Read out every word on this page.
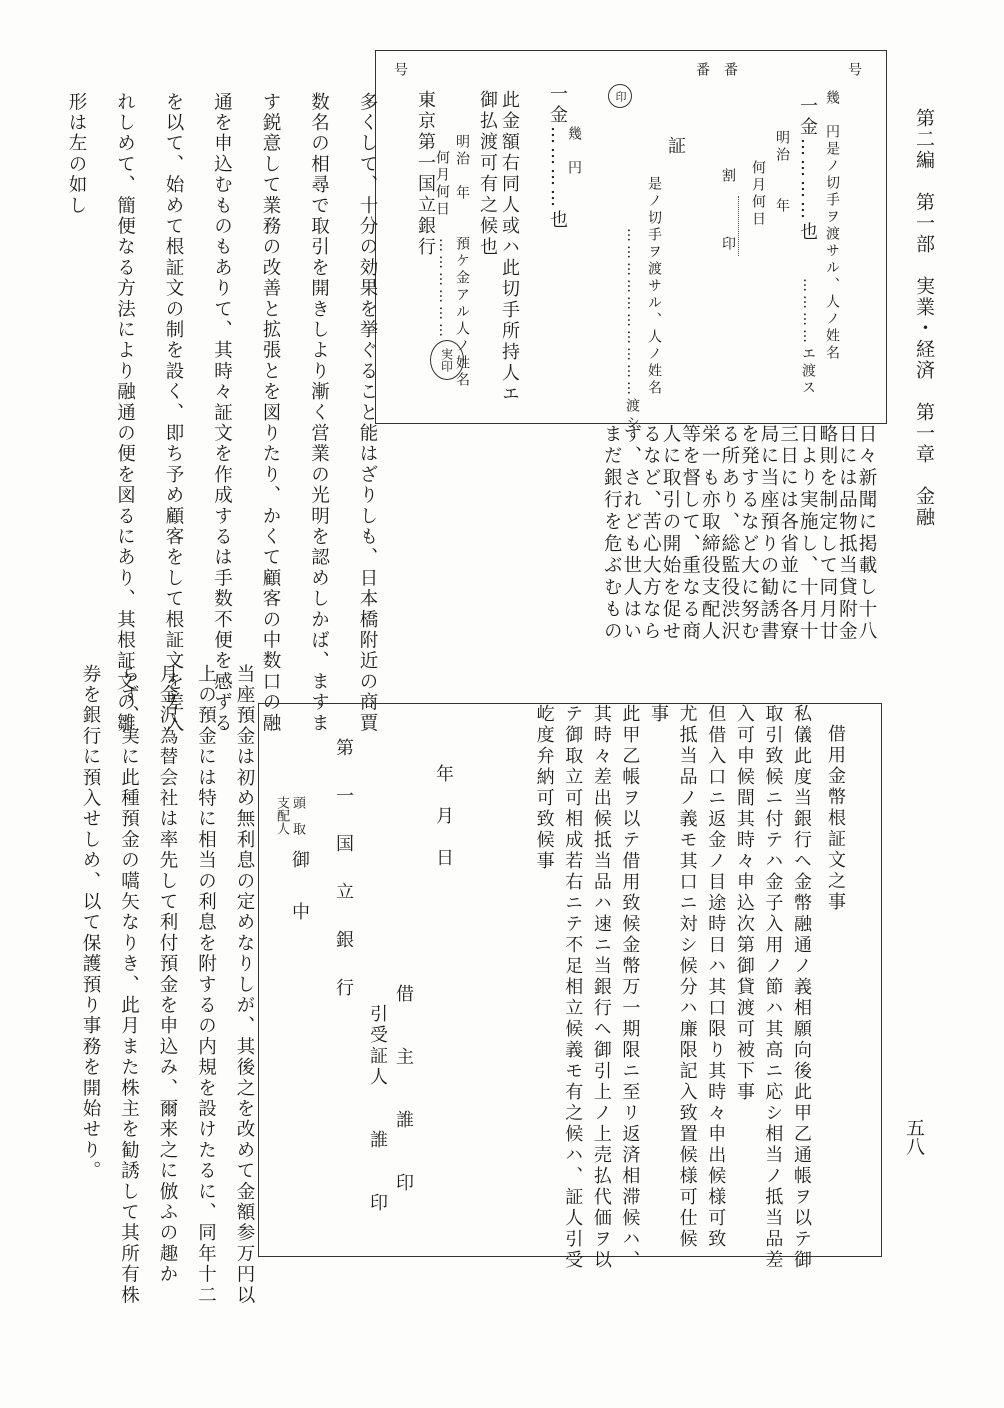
第二編　第一部　実業・経済　第一章　金融
五八
号
号	番
番
幾　円是ノ切手ヲ渡サル、人ノ姓名
一金…………也
…………エ渡ス
明治　　年
何月何日
割　　　印
証
是ノ切手ヲ渡サル、人ノ姓名
…………………………渡シ
印
幾　円
一金…………也
此金額右同人或ハ此切手所持人エ
御払渡可有之候也
明治　年　　預ケ金アル人ノ姓名
何月何日
………………
実印
東京第一国立銀行
日々新聞に掲載し十八
日には品物抵当貸附金
略則を制定して同月廿
日より実施し、十月十
三日には各省並に各寮
局に当座預りの勧誘書
を発するなど大に努む
る所あり、総監役渋沢
栄一も亦取締役支配人
等を督して、重なる商
人に取引の開始を促せ
るなど、苦心大方なら
ず、されども世人はい
まだ銀行を危ぶむもの
多くして、十分の効果を挙ぐること能はざりしも、日本橋附近の商賈
数名の相尋で取引を開きしより漸く営業の光明を認めしかば、ますま
す鋭意して業務の改善と拡張とを図りたり、かくて顧客の中数口の融
通を申込むものもありて、其時々証文を作成するは手数不便を感ずる
を以て、始めて根証文の制を設く、即ち予め顧客をして根証文を差入
れしめて、簡便なる方法により融通の便を図るにあり、其根証文の雛
形は左の如し
借用金幣根証文之事
私儀此度当銀行ヘ金幣融通ノ義相願向後此甲乙通帳ヲ以テ御
取引致候ニ付テハ金子入用ノ節ハ其高ニ応シ相当ノ抵当品差
入可申候間其時々申込次第御貸渡可被下事
但借入口ニ返金ノ目途時日ハ其口限り其時々申出候様可致
尤抵当品ノ義モ其口ニ対シ候分ハ廉限記入致置候様可仕候
事
此甲乙帳ヲ以テ借用致候金幣万一期限ニ至リ返済相滞候ハ、
其時々差出候抵当品ハ速ニ当銀行ヘ御引上ノ上売払代価ヲ以
テ御取立可相成若右ニテ不足相立候義モ有之候ハ、証人引受
屹度弁納可致候事
年　月　日
借　　主　　誰　　印
引受証人　　誰　　印
第　一　国　立　銀　行
頭　取
支配人
御　中
当座預金は初め無利息の定めなりしが、其後之を改めて金額参万円以
上の預金には特に相当の利息を附するの内規を設けたるに、同年十二
月金沢為替会社は率先して利付預金を申込み、爾来之に倣ふの趣か
らず、実に此種預金の嚆矢なりき、此月また株主を勧誘して其所有株
券を銀行に預入せしめ、以て保護預り事務を開始せり。
